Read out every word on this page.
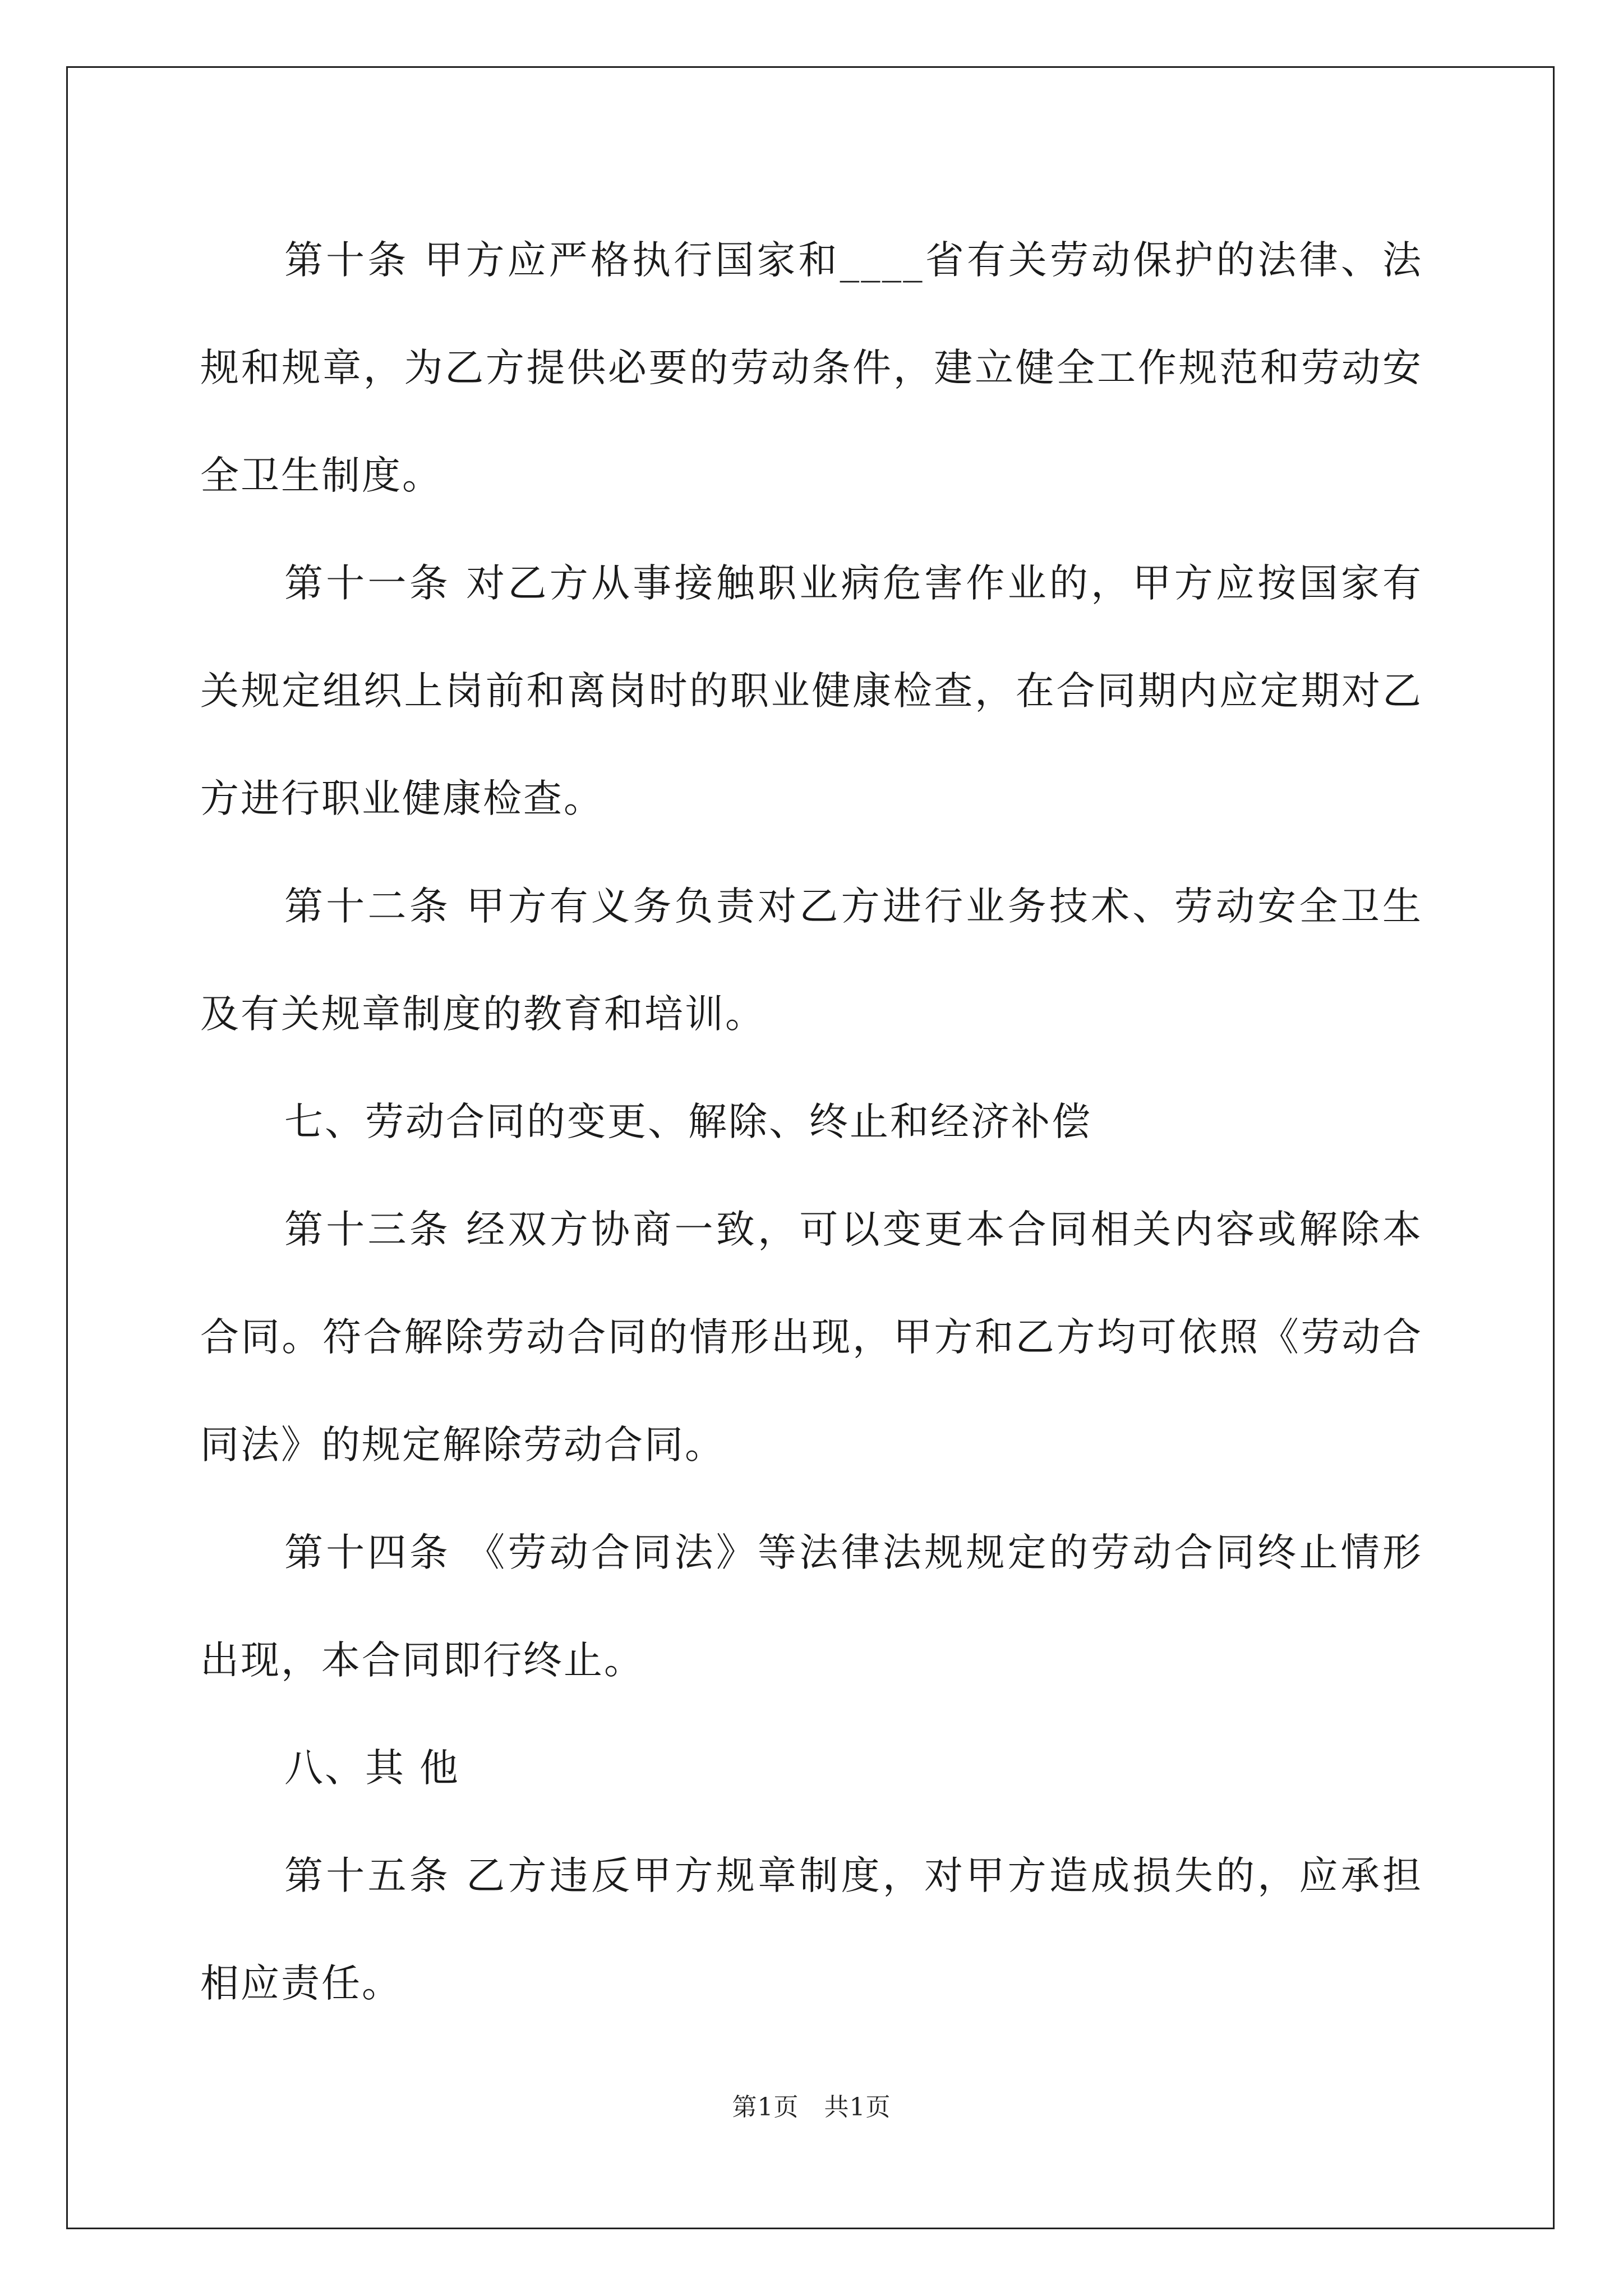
第十条 甲方应严格执行国家和____省有关劳动保护的法律、法规和规章，为乙方提供必要的劳动条件，建立健全工作规范和劳动安全卫生制度。

第十一条 对乙方从事接触职业病危害作业的，甲方应按国家有关规定组织上岗前和离岗时的职业健康检查，在合同期内应定期对乙方进行职业健康检查。

第十二条 甲方有义务负责对乙方进行业务技术、劳动安全卫生及有关规章制度的教育和培训。

七、劳动合同的变更、解除、终止和经济补偿

第十三条 经双方协商一致，可以变更本合同相关内容或解除本合同。符合解除劳动合同的情形出现，甲方和乙方均可依照《劳动合同法》的规定解除劳动合同。

第十四条 《劳动合同法》等法律法规规定的劳动合同终止情形出现，本合同即行终止。

八、其 他

第十五条 乙方违反甲方规章制度，对甲方造成损失的，应承担相应责任。

第1页　共1页
